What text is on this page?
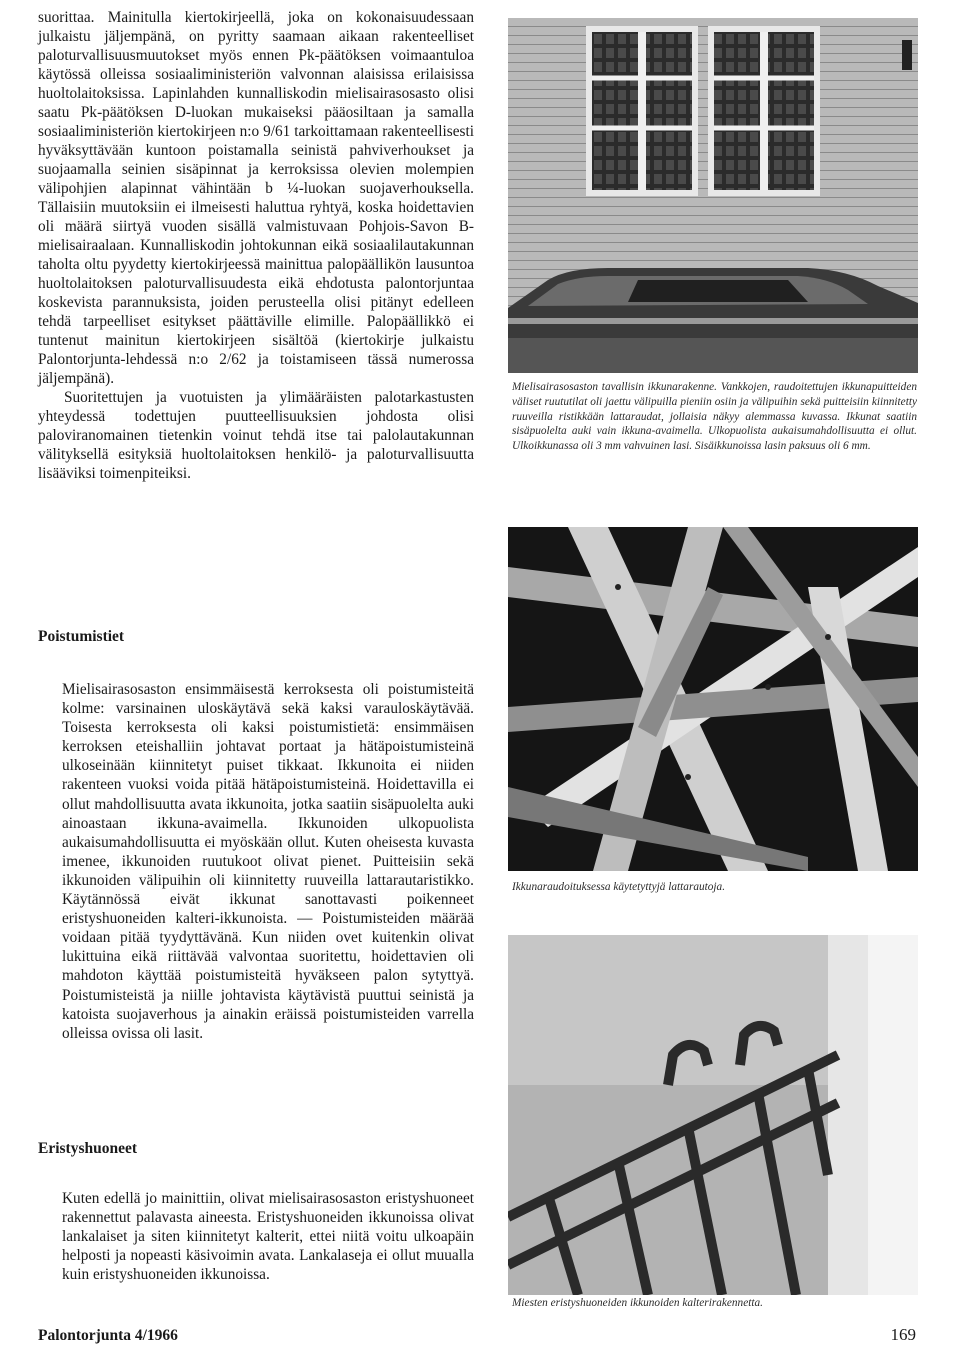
suorittaa. Mainitulla kiertokirjeellä, joka on kokonaisuudessaan julkaistu jäljempänä, on pyritty saamaan aikaan rakenteelliset paloturvallisuusmuutokset myös ennen Pk-päätöksen voimaantuloa käytössä olleissa sosiaaliministeriön valvonnan alaisissa erilaisissa huoltolaitoksissa. Lapinlahden kunnalliskodin mielisairasosasto olisi saatu Pk-päätöksen D-luokan mukaiseksi pääosiltaan ja samalla sosiaaliministeriön kiertokirjeen n:o 9/61 tarkoittamaan rakenteellisesti hyväksyttävään kuntoon poistamalla seinistä pahviverhoukset ja suojaamalla seinien sisäpinnat ja kerroksissa olevien molempien välipohjien alapinnat vähintään b ¼-luokan suojaverhouksella. Tällaisiin muutoksiin ei ilmeisesti haluttua ryhtyä, koska hoidettavien oli määrä siirtyä vuoden sisällä valmistuvaan Pohjois-Savon B-mielisairaalaan. Kunnalliskodin johtokunnan eikä sosiaalilautakunnan taholta oltu pyydetty kiertokirjeessä mainittua palopäällikön lausuntoa huoltolaitoksen paloturvallisuudesta eikä ehdotusta palontorjuntaa koskevista parannuksista, joiden perusteella olisi pitänyt edelleen tehdä tarpeelliset esitykset päättäville elimille. Palopäällikkö ei tuntenut mainitun kiertokirjeen sisältöä (kiertokirje julkaistu Palontorjunta-lehdessä n:o 2/62 ja toistamiseen tässä numerossa jäljempänä).

Suoritettujen ja vuotuisten ja ylimääräisten palotarkastusten yhteydessä todettujen puutteellisuuksien johdosta olisi paloviranomainen tietenkin voinut tehdä itse tai palolautakunnan välityksellä esityksiä huoltolaitoksen henkilö- ja paloturvallisuutta lisääviksi toimenpiteiksi.

Poistumistiet

Mielisairasosaston ensimmäisestä kerroksesta oli poistumisteitä kolme: varsinainen uloskäytävä sekä kaksi varauloskäytävää. Toisesta kerroksesta oli kaksi poistumistietä: ensimmäisen kerroksen eteishalliin johtavat portaat ja hätäpoistumisteinä ulkoseinään kiinnitetyt puiset tikkaat. Ikkunoita ei niiden rakenteen vuoksi voida pitää hätäpoistumisteinä. Hoidettavilla ei ollut mahdollisuutta avata ikkunoita, jotka saatiin sisäpuolelta auki ainoastaan ikkuna-avaimella. Ikkunoiden ulkopuolista aukaisumahdollisuutta ei myöskään ollut. Kuten oheisesta kuvasta imenee, ikkunoiden ruutukoot olivat pienet. Puitteisiin sekä ikkunoiden välipuihin oli kiinnitetty ruuveilla lattarautaristikko. Käytännössä eivät ikkunat sanottavasti poikenneet eristyshuoneiden kalteri-ikkunoista. — Poistumisteiden määrää voidaan pitää tyydyttävänä. Kun niiden ovet kuitenkin olivat lukittuina eikä riittävää valvontaa suoritettu, hoidettavien oli mahdoton käyttää poistumisteitä hyväkseen palon sytyttyä. Poistumisteistä ja niille johtavista käytävistä puuttui seinistä ja katoista suojaverhous ja ainakin eräissä poistumisteiden varrella olleissa ovissa oli lasit.

Eristyshuoneet

Kuten edellä jo mainittiin, olivat mielisairasosaston eristyshuoneet rakennettut palavasta aineesta. Eristyshuoneiden ikkunoissa olivat lankalaiset ja siten kiinnitetyt kalterit, ettei niitä voitu ulkoapäin helposti ja nopeasti käsivoimin avata. Lankalaseja ei ollut muualla kuin eristyshuoneiden ikkunoissa.

Mielisairasosaston tavallisin ikkunarakenne. Vankkojen, raudoitettujen ikkunapuitteiden väliset ruututilat oli jaettu välipuilla pieniin osiin ja välipuihin sekä puitteisiin kiinnitetty ruuveilla ristikkään lattaraudat, jollaisia näkyy alemmassa kuvassa. Ikkunat saatiin sisäpuolelta auki vain ikkuna-avaimella. Ulkopuolista aukaisumahdollisuutta ei ollut. Ulkoikkunassa oli 3 mm vahvuinen lasi. Sisäikkunoissa lasin paksuus oli 6 mm.

Ikkunaraudoituksessa käytetyttyjä lattarautoja.

Miesten eristyshuoneiden ikkunoiden kalterirakennetta.

Palontorjunta 4/1966	169
